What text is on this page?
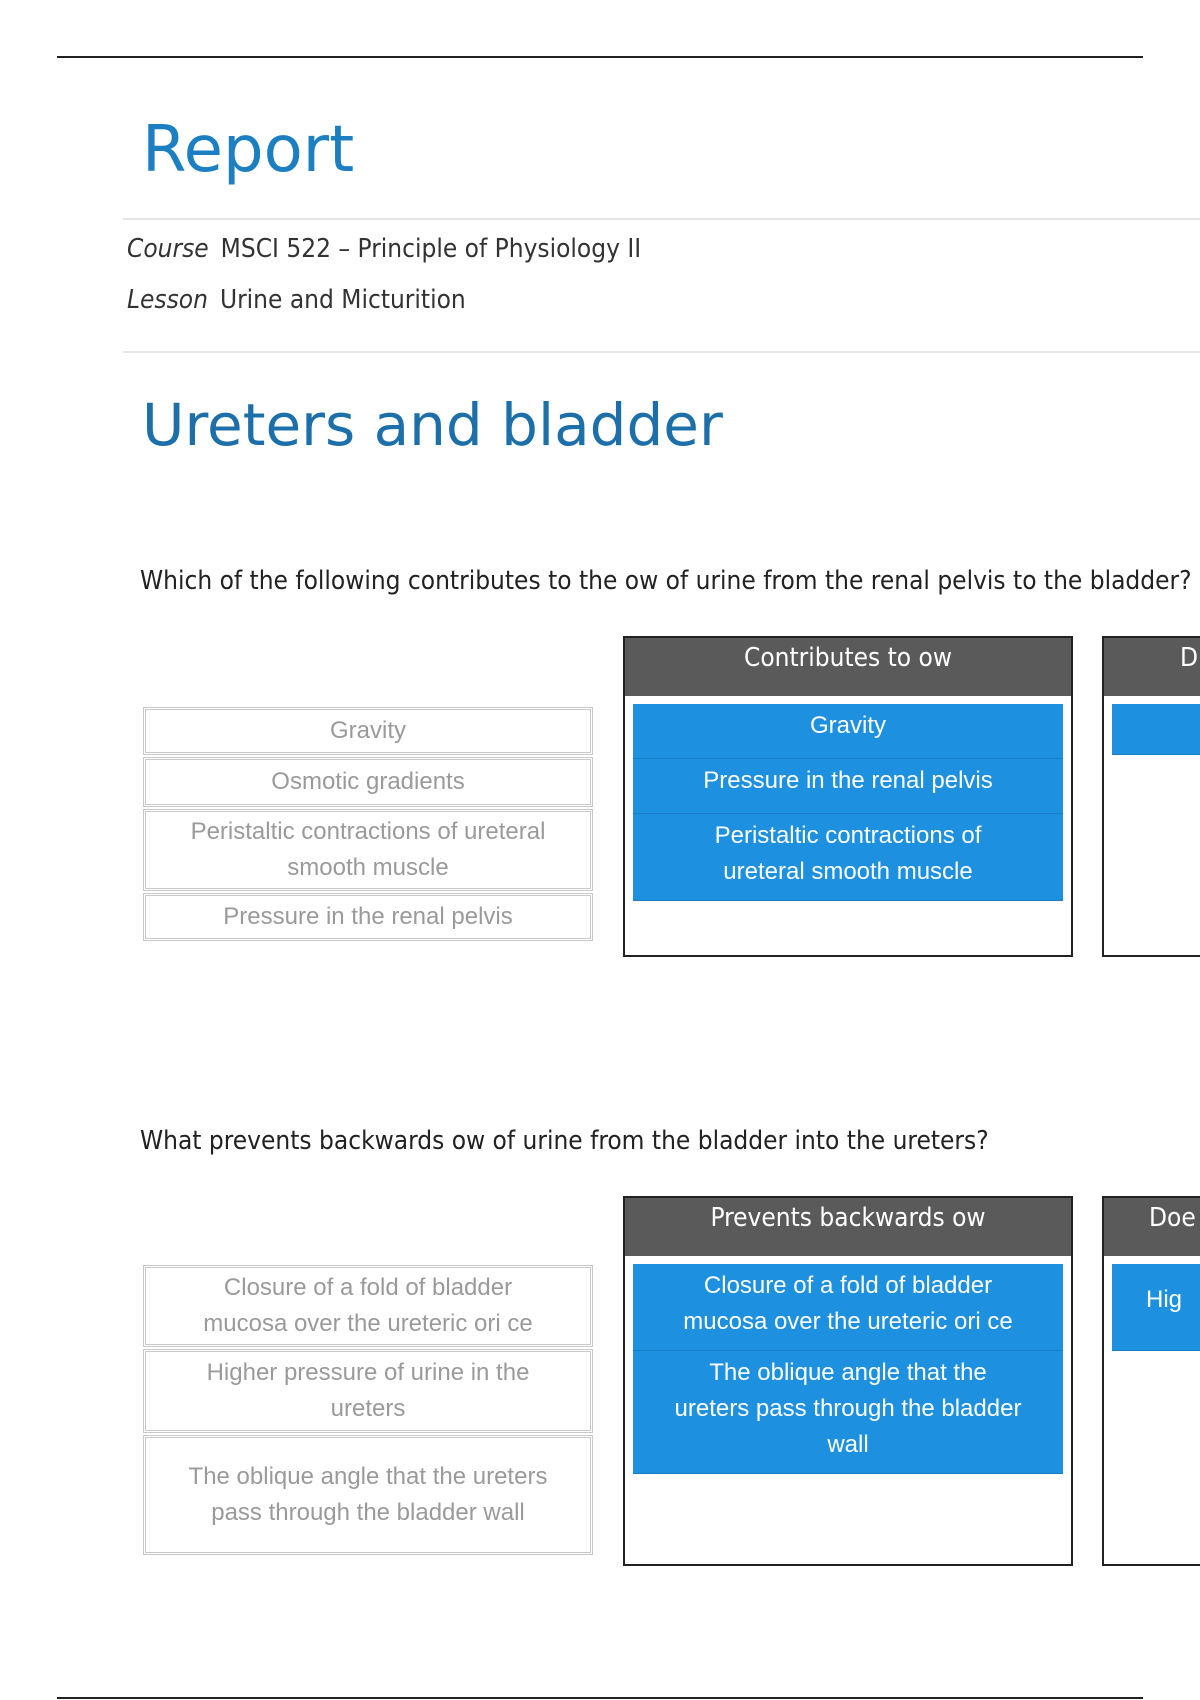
Report
Course MSCI 522 – Principle of Physiology II
Lesson Urine and Micturition
Ureters and bladder
Which of the following contributes to the ow of urine from the renal pelvis to the bladder?
Gravity
Osmotic gradients
Peristaltic contractions of ureteral smooth muscle
Pressure in the renal pelvis
Contributes to ow
Gravity
Pressure in the renal pelvis
Peristaltic contractions of ureteral smooth muscle
D
What prevents backwards ow of urine from the bladder into the ureters?
Closure of a fold of bladder mucosa over the ureteric ori ce
Higher pressure of urine in the ureters
The oblique angle that the ureters pass through the bladder wall
Prevents backwards ow
Closure of a fold of bladder mucosa over the ureteric ori ce
The oblique angle that the ureters pass through the bladder wall
Doe
Hig
